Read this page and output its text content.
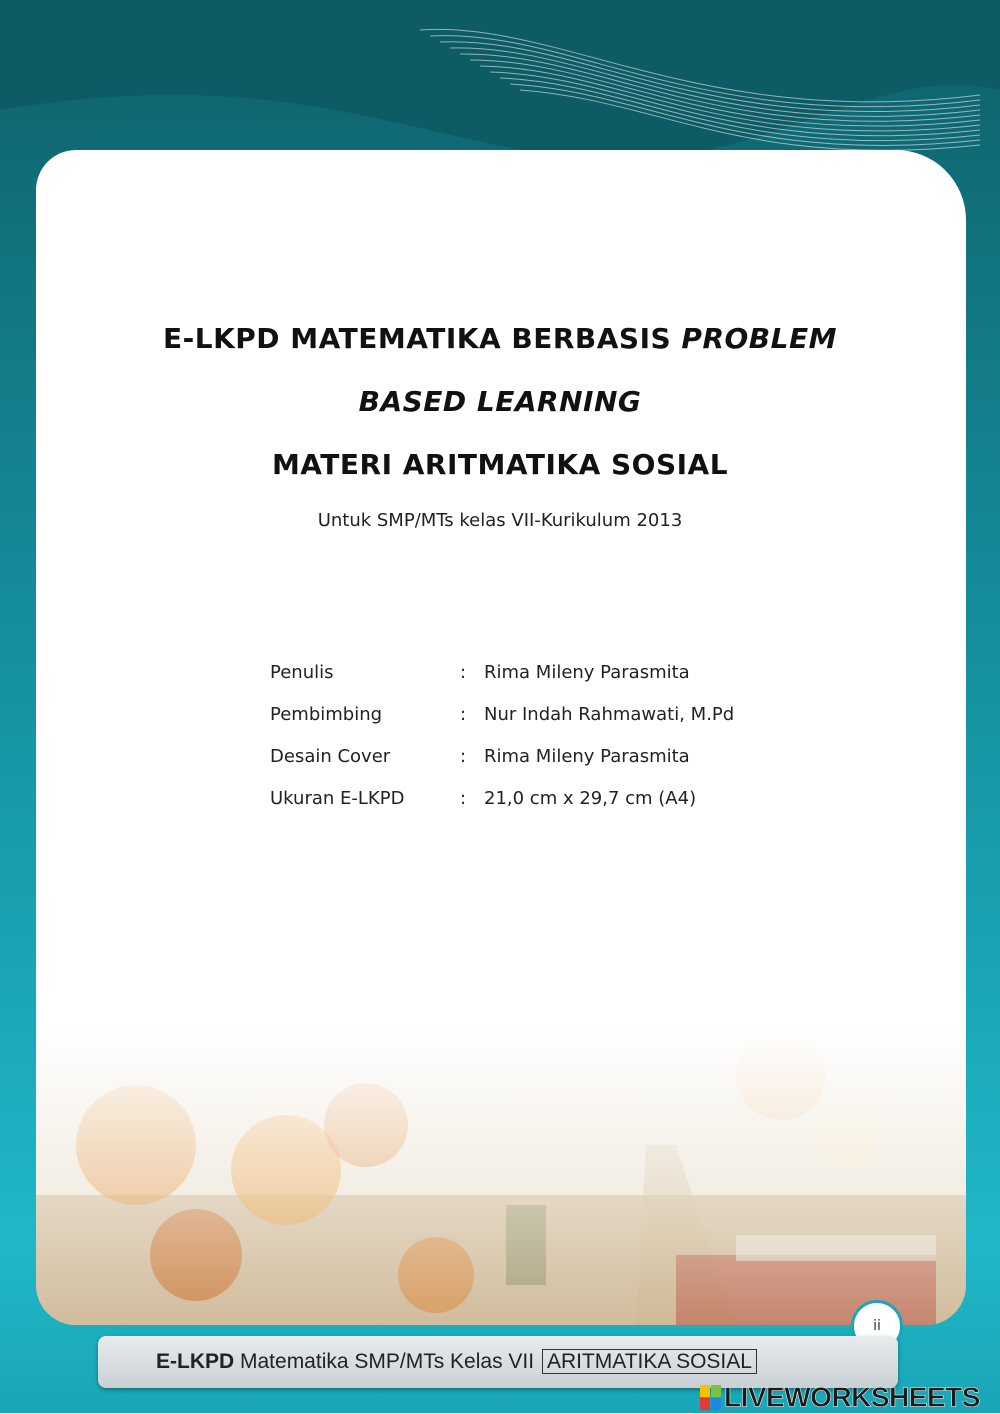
E-LKPD MATEMATIKA BERBASIS PROBLEM
BASED LEARNING
MATERI ARITMATIKA SOSIAL
Untuk SMP/MTs kelas VII-Kurikulum 2013
Penulis	: Rima Mileny Parasmita
Pembimbing	: Nur Indah Rahmawati, M.Pd
Desain Cover	: Rima Mileny Parasmita
Ukuran E-LKPD	: 21,0 cm x 29,7 cm (A4)
ii
E-LKPD Matematika SMP/MTs Kelas VII ARITMATIKA SOSIAL
LIVEWORKSHEETS
